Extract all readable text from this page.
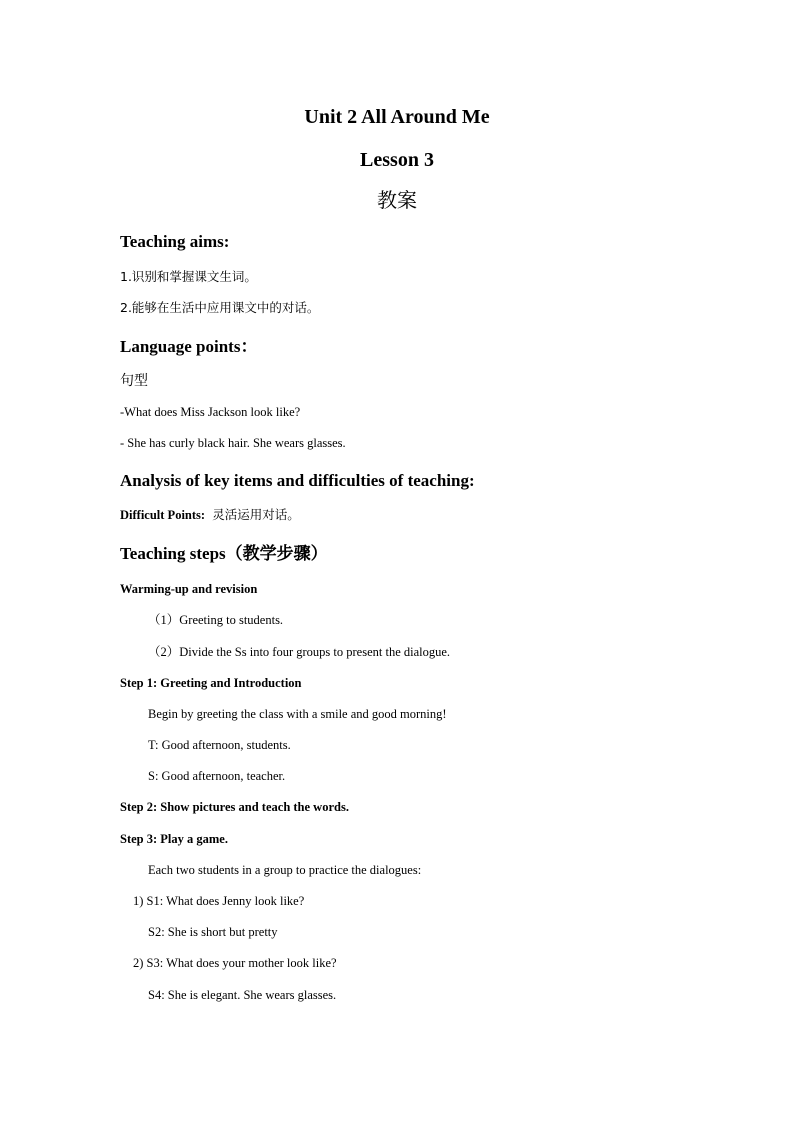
Unit 2 All Around Me
Lesson 3
教案
Teaching aims:
1.识别和掌握课文生词。
2.能够在生活中应用课文中的对话。
Language points：
句型
-What does Miss Jackson look like?
- She has curly black hair. She wears glasses.
Analysis of key items and difficulties of teaching:
Difficult Points: 灵活运用对话。
Teaching steps（教学步骤）
Warming-up and revision
（1）Greeting to students.
（2）Divide the Ss into four groups to present the dialogue.
Step 1: Greeting and Introduction
Begin by greeting the class with a smile and good morning!
T: Good afternoon, students.
S: Good afternoon, teacher.
Step 2: Show pictures and teach the words.
Step 3: Play a game.
Each two students in a group to practice the dialogues:
1) S1: What does Jenny look like?
S2: She is short but pretty
2) S3: What does your mother look like?
S4: She is elegant. She wears glasses.
